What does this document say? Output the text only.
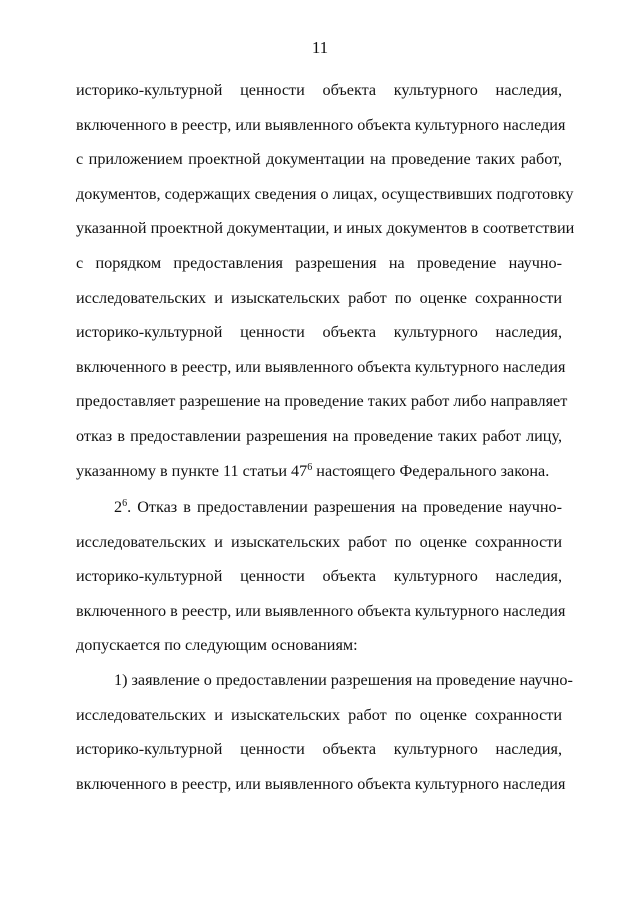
11
историко-культурной ценности объекта культурного наследия,
включенного в реестр, или выявленного объекта культурного наследия
с приложением проектной документации на проведение таких работ,
документов, содержащих сведения о лицах, осуществивших подготовку
указанной проектной документации, и иных документов в соответствии
с порядком предоставления разрешения на проведение научно-
исследовательских и изыскательских работ по оценке сохранности
историко-культурной ценности объекта культурного наследия,
включенного в реестр, или выявленного объекта культурного наследия
предоставляет разрешение на проведение таких работ либо направляет
отказ в предоставлении разрешения на проведение таких работ лицу,
указанному в пункте 11 статьи $47^6$ настоящего Федерального закона.
$2^6$. Отказ в предоставлении разрешения на проведение научно-
исследовательских и изыскательских работ по оценке сохранности
историко-культурной ценности объекта культурного наследия,
включенного в реестр, или выявленного объекта культурного наследия
допускается по следующим основаниям:
1) заявление о предоставлении разрешения на проведение научно-
исследовательских и изыскательских работ по оценке сохранности
историко-культурной ценности объекта культурного наследия,
включенного в реестр, или выявленного объекта культурного наследия
